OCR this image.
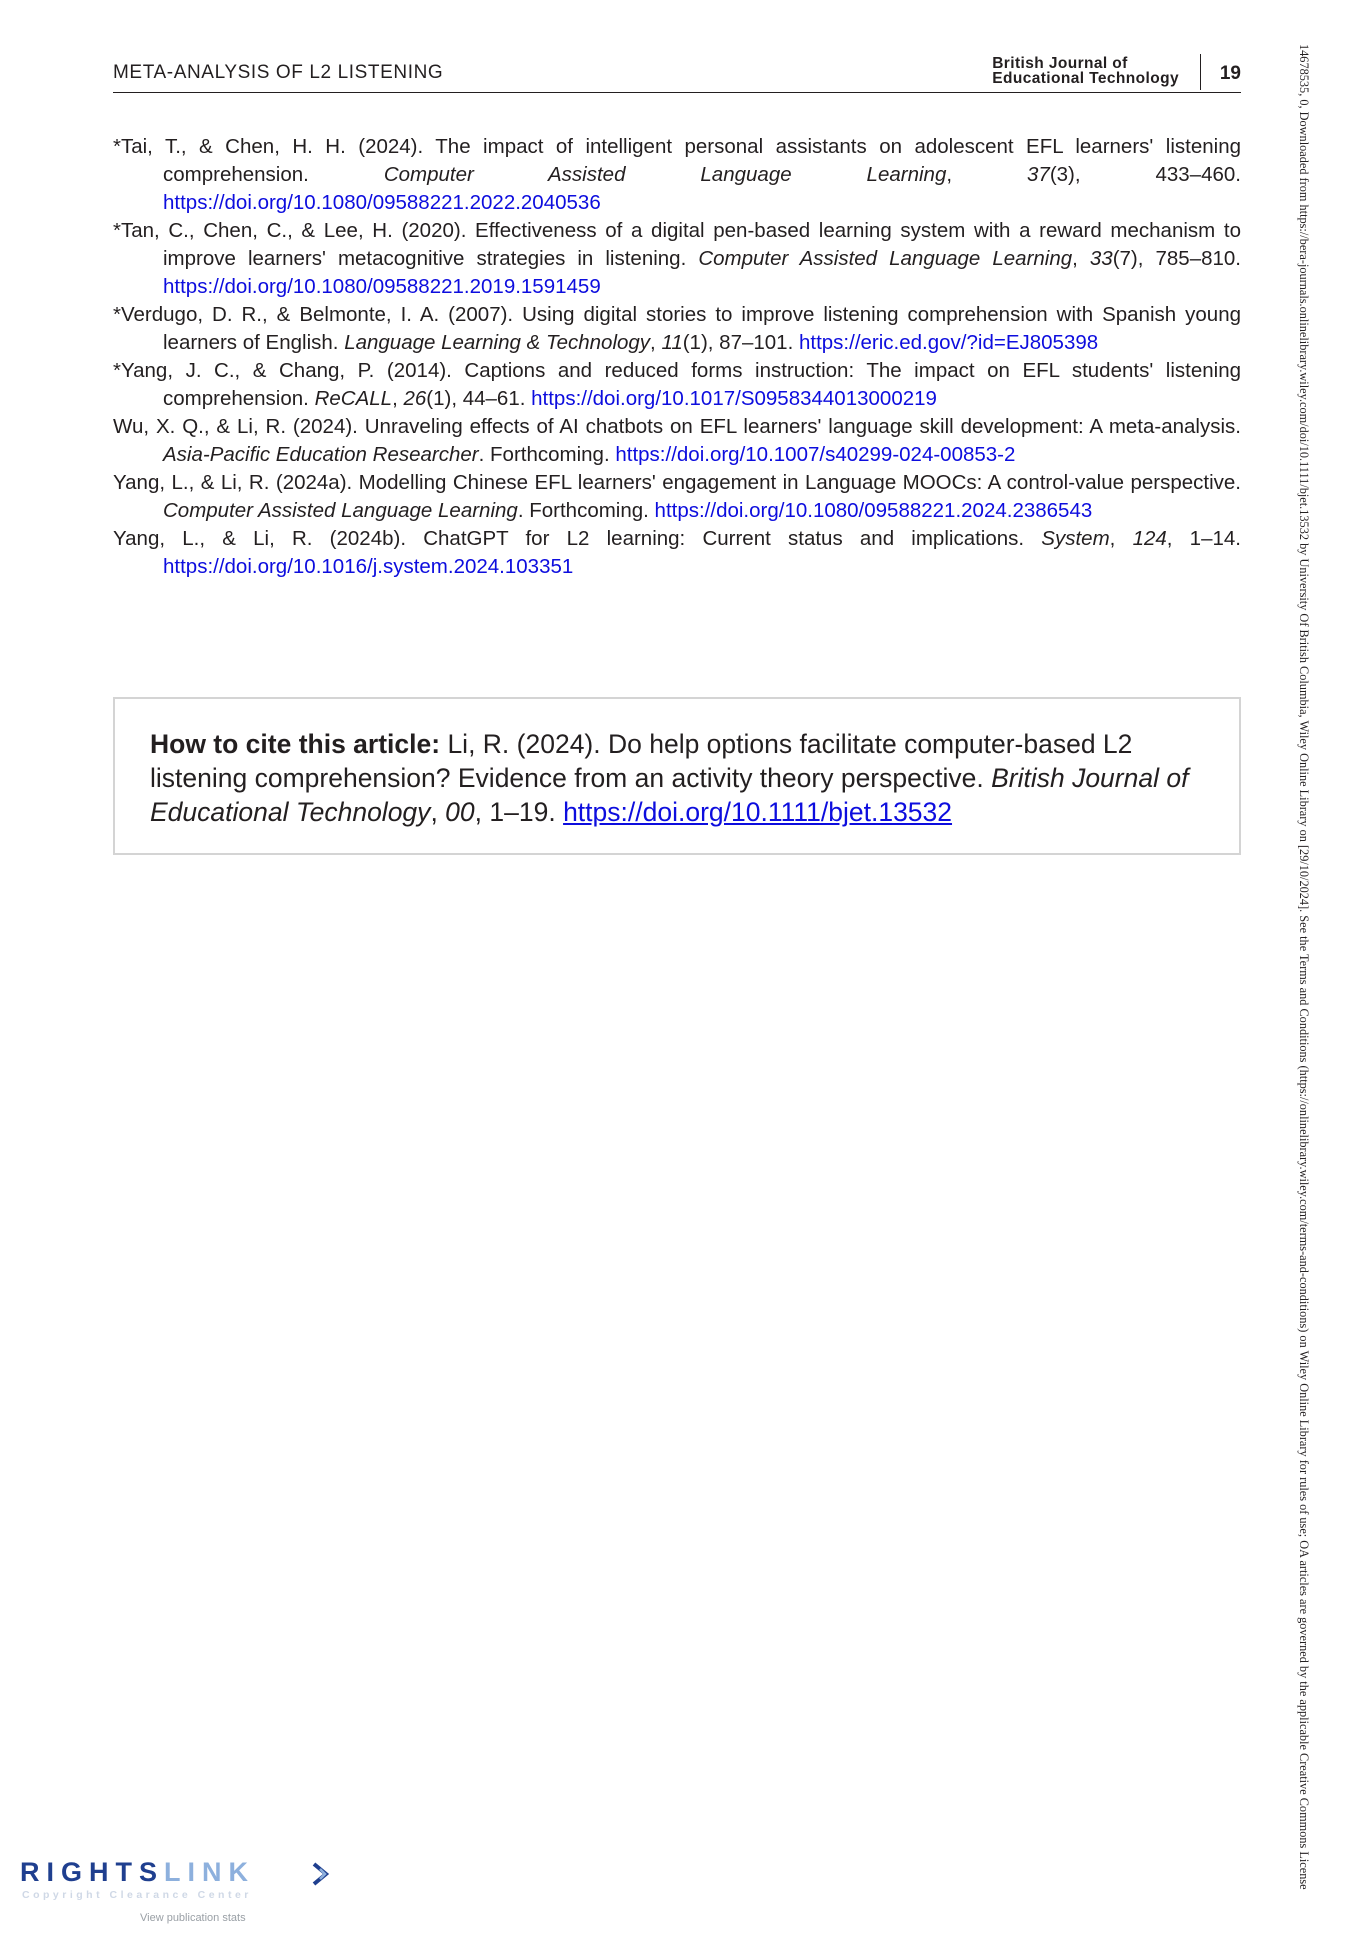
META-ANALYSIS OF L2 LISTENING	British Journal of
Educational Technology 19
*Tai, T., & Chen, H. H. (2024). The impact of intelligent personal assistants on adolescent EFL learners' listening comprehension. Computer Assisted Language Learning, 37(3), 433–460. https://doi.org/10.1080/09588221.2022.2040536
*Tan, C., Chen, C., & Lee, H. (2020). Effectiveness of a digital pen-based learning system with a reward mechanism to improve learners' metacognitive strategies in listening. Computer Assisted Language Learning, 33(7), 785–810. https://doi.org/10.1080/09588221.2019.1591459
*Verdugo, D. R., & Belmonte, I. A. (2007). Using digital stories to improve listening comprehension with Spanish young learners of English. Language Learning & Technology, 11(1), 87–101. https://eric.ed.gov/?id=EJ805398
*Yang, J. C., & Chang, P. (2014). Captions and reduced forms instruction: The impact on EFL students' listening comprehension. ReCALL, 26(1), 44–61. https://doi.org/10.1017/S0958344013000219
Wu, X. Q., & Li, R. (2024). Unraveling effects of AI chatbots on EFL learners' language skill development: A meta-analysis. Asia-Pacific Education Researcher. Forthcoming. https://doi.org/10.1007/s40299-024-00853-2
Yang, L., & Li, R. (2024a). Modelling Chinese EFL learners' engagement in Language MOOCs: A control-value perspective. Computer Assisted Language Learning. Forthcoming. https://doi.org/10.1080/09588221.2024.2386543
Yang, L., & Li, R. (2024b). ChatGPT for L2 learning: Current status and implications. System, 124, 1–14. https://doi.org/10.1016/j.system.2024.103351
How to cite this article: Li, R. (2024). Do help options facilitate computer-based L2 listening comprehension? Evidence from an activity theory perspective. British Journal of Educational Technology, 00, 1–19. https://doi.org/10.1111/bjet.13532	14678535, 0, Downloaded from https://bera-journals.onlinelibrary.wiley.com/doi/10.1111/bjet.13532 by University Of British Columbia, Wiley Online Library on [29/10/2024]. See the Terms and Conditions (https://onlinelibrary.wiley.com/terms-and-conditions) on Wiley Online Library for rules of use; OA articles are governed by the applicable Creative Commons License
RIGHTSLINK
Copyright Clearance Center
View publication stats
